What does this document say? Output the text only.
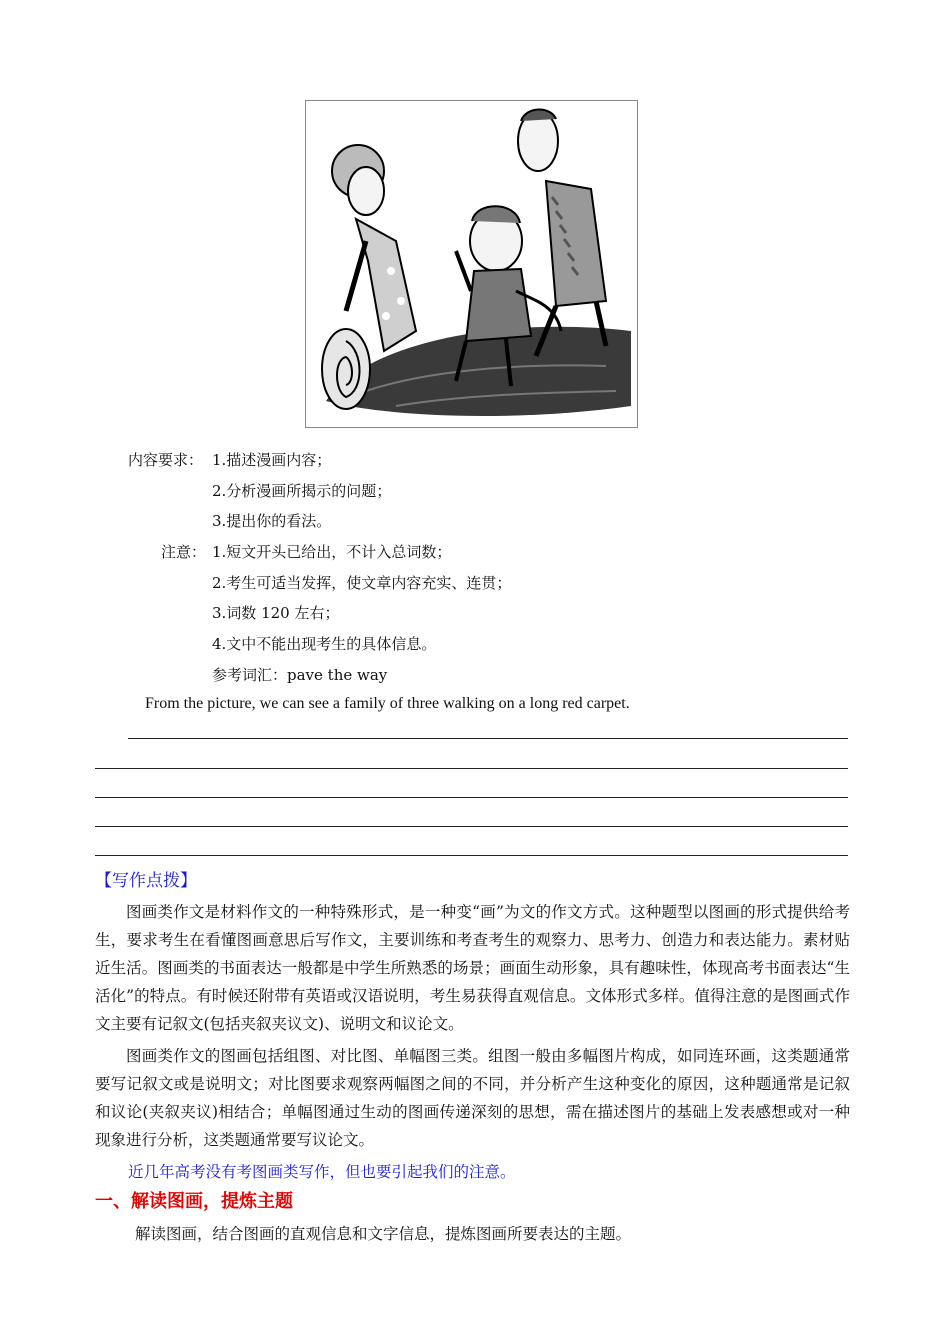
内容要求： 1.描述漫画内容；
2.分析漫画所揭示的问题；
3.提出你的看法。
注意： 1.短文开头已给出，不计入总词数；
2.考生可适当发挥，使文章内容充实、连贯；
3.词数 120 左右；
4.文中不能出现考生的具体信息。
参考词汇：pave the way
From the picture, we can see a family of three walking on a long red carpet.
【写作点拨】
图画类作文是材料作文的一种特殊形式，是一种变“画”为文的作文方式。这种题型以图画的形式提供给考生，要求考生在看懂图画意思后写作文，主要训练和考查考生的观察力、思考力、创造力和表达能力。素材贴近生活。图画类的书面表达一般都是中学生所熟悉的场景；画面生动形象，具有趣味性，体现高考书面表达“生活化”的特点。有时候还附带有英语或汉语说明，考生易获得直观信息。文体形式多样。值得注意的是图画式作文主要有记叙文(包括夹叙夹议文)、说明文和议论文。
图画类作文的图画包括组图、对比图、单幅图三类。组图一般由多幅图片构成，如同连环画，这类题通常要写记叙文或是说明文；对比图要求观察两幅图之间的不同，并分析产生这种变化的原因，这种题通常是记叙和议论(夹叙夹议)相结合；单幅图通过生动的图画传递深刻的思想，需在描述图片的基础上发表感想或对一种现象进行分析，这类题通常要写议论文。
近几年高考没有考图画类写作，但也要引起我们的注意。
一、解读图画，提炼主题
解读图画，结合图画的直观信息和文字信息，提炼图画所要表达的主题。
